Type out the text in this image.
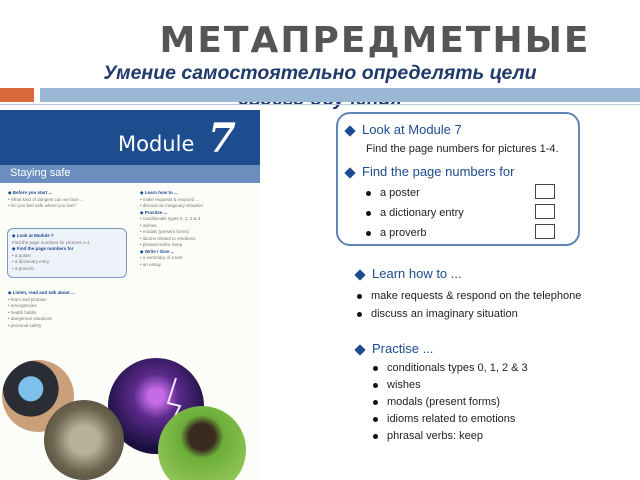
МЕТАПРЕДМЕТНЫЕ
Умение самостоятельно определять цели
Module 7
Staying safe
◆ Before you start ...
• What kind of dangers can we face ...
• Do you feel safe where you live?
◆ Look at Module 7
Find the page numbers for pictures 1-4.
◆ Find the page numbers for
• a poster
• a dictionary entry
• a proverb
◆ Listen, read and talk about ...
• fears and phobias
• emergencies
• health habits
• dangerous situations
• personal safety
◆ Learn how to ...
• make requests & respond ...
• discuss an imaginary situation
◆ Practise ...
• conditionals types 0, 1, 2 & 3
• wishes
• modals (present forms)
• idioms related to emotions
• phrasal verbs: keep
◆ Write / Give ...
• a summary of a text
• an essay
Look at Module 7
Find the page numbers for pictures 1-4.
Find the page numbers for
a poster
a dictionary entry
a proverb
Learn how to ...
make requests & respond on the telephone
discuss an imaginary situation
Practise ...
conditionals types 0, 1, 2 & 3
wishes
modals (present forms)
idioms related to emotions
phrasal verbs: keep
